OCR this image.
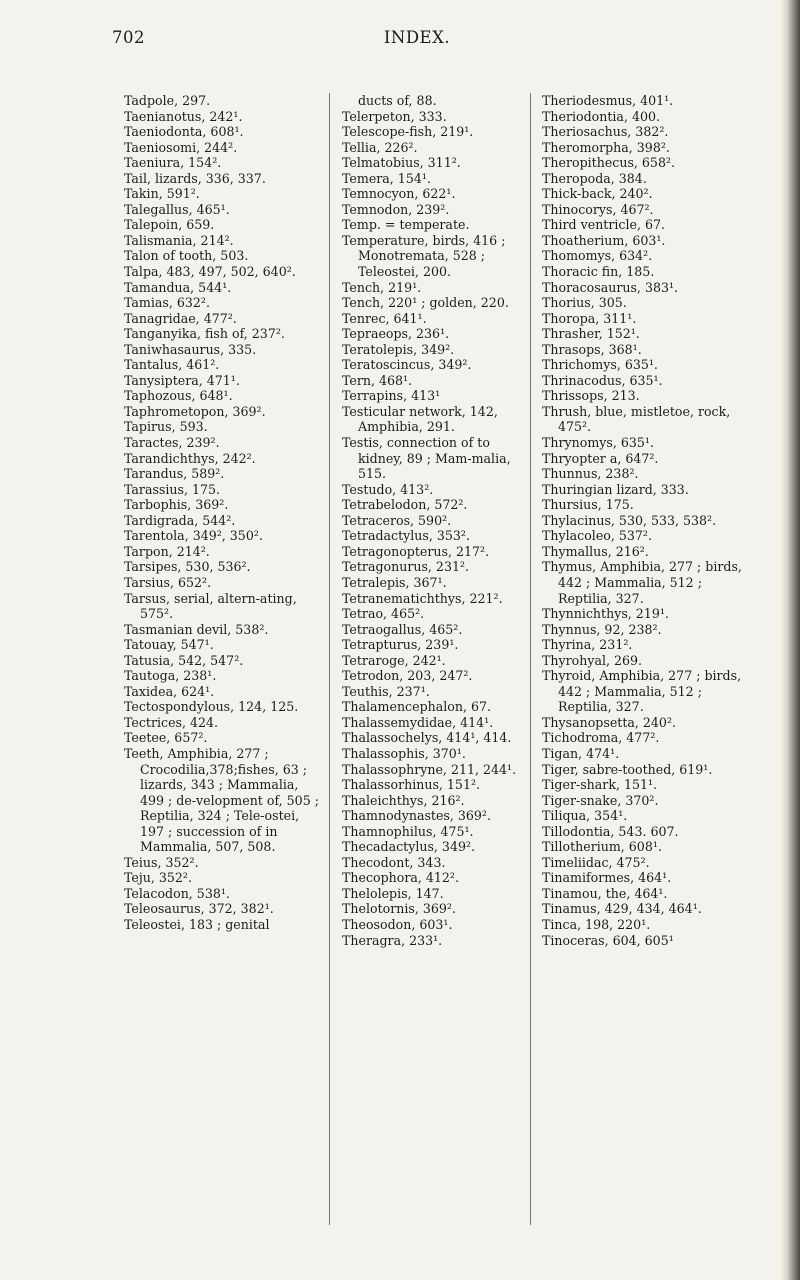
702	INDEX.
Tadpole, 297.
Taenianotus, 242¹.
Taeniodonta, 608¹.
Taeniosomi, 244².
Taeniura, 154².
Tail, lizards, 336, 337.
Takin, 591².
Talegallus, 465¹.
Talepoin, 659.
Talismania, 214².
Talon of tooth, 503.
Talpa, 483, 497, 502, 640².
Tamandua, 544¹.
Tamias, 632².
Tanagridae, 477².
Tanganyika, fish of, 237².
Taniwhasaurus, 335.
Tantalus, 461².
Tanysiptera, 471¹.
Taphozous, 648¹.
Taphrometopon, 369².
Tapirus, 593.
Taractes, 239².
Tarandichthys, 242².
Tarandus, 589².
Tarassius, 175.
Tarbophis, 369².
Tardigrada, 544².
Tarentola, 349², 350².
Tarpon, 214².
Tarsipes, 530, 536².
Tarsius, 652².
Tarsus, serial, altern-ating, 575².
Tasmanian devil, 538².
Tatouay, 547¹.
Tatusia, 542, 547².
Tautoga, 238¹.
Taxidea, 624¹.
Tectospondylous, 124, 125.
Tectrices, 424.
Teetee, 657².
Teeth, Amphibia, 277 ; Crocodilia,378;fishes, 63 ; lizards, 343 ; Mammalia, 499 ; de-velopment of, 505 ; Reptilia, 324 ; Tele-ostei, 197 ; succession of in Mammalia, 507, 508.
Teius, 352².
Teju, 352².
Telacodon, 538¹.
Teleosaurus, 372, 382¹.
Teleostei, 183 ; genital
ducts of, 88.
Telerpeton, 333.
Telescope-fish, 219¹.
Tellia, 226².
Telmatobius, 311².
Temera, 154¹.
Temnocyon, 622¹.
Temnodon, 239².
Temp. = temperate.
Temperature, birds, 416 ; Monotremata, 528 ; Teleostei, 200.
Tench, 219¹.
Tench, 220¹ ; golden, 220.
Tenrec, 641¹.
Tepraeops, 236¹.
Teratolepis, 349².
Teratoscincus, 349².
Tern, 468¹.
Terrapins, 413¹
Testicular network, 142, Amphibia, 291.
Testis, connection of to kidney, 89 ; Mam-malia, 515.
Testudo, 413².
Tetrabelodon, 572².
Tetraceros, 590².
Tetradactylus, 353².
Tetragonopterus, 217².
Tetragonurus, 231².
Tetralepis, 367¹.
Tetranematichthys, 221².
Tetrao, 465².
Tetraogallus, 465².
Tetrapturus, 239¹.
Tetraroge, 242¹.
Tetrodon, 203, 247².
Teuthis, 237¹.
Thalamencephalon, 67.
Thalassemydidae, 414¹.
Thalassochelys, 414¹, 414.
Thalassophis, 370¹.
Thalassophryne, 211, 244¹.
Thalassorhinus, 151².
Thaleichthys, 216².
Thamnodynastes, 369².
Thamnophilus, 475¹.
Thecadactylus, 349².
Thecodont, 343.
Thecophora, 412².
Thelolepis, 147.
Thelotornis, 369².
Theosodon, 603¹.
Theragra, 233¹.
Theriodesmus, 401¹.
Theriodontia, 400.
Theriosachus, 382².
Theromorpha, 398².
Theropithecus, 658².
Theropoda, 384.
Thick-back, 240².
Thinocorys, 467².
Third ventricle, 67.
Thoatherium, 603¹.
Thomomys, 634².
Thoracic fin, 185.
Thoracosaurus, 383¹.
Thorius, 305.
Thoropa, 311¹.
Thrasher, 152¹.
Thrasops, 368¹.
Thrichomys, 635¹.
Thrinacodus, 635¹.
Thrissops, 213.
Thrush, blue, mistletoe, rock, 475².
Thrynomys, 635¹.
Thryopter a, 647².
Thunnus, 238².
Thuringian lizard, 333.
Thursius, 175.
Thylacinus, 530, 533, 538².
Thylacoleo, 537².
Thymallus, 216².
Thymus, Amphibia, 277 ; birds, 442 ; Mammalia, 512 ; Reptilia, 327.
Thynnichthys, 219¹.
Thynnus, 92, 238².
Thyrina, 231².
Thyrohyal, 269.
Thyroid, Amphibia, 277 ; birds, 442 ; Mammalia, 512 ; Reptilia, 327.
Thysanopsetta, 240².
Tichodroma, 477².
Tigan, 474¹.
Tiger, sabre-toothed, 619¹.
Tiger-shark, 151¹.
Tiger-snake, 370².
Tiliqua, 354¹.
Tillodontia, 543. 607.
Tillotherium, 608¹.
Timeliidac, 475².
Tinamiformes, 464¹.
Tinamou, the, 464¹.
Tinamus, 429, 434, 464¹.
Tinca, 198, 220¹.
Tinoceras, 604, 605¹
